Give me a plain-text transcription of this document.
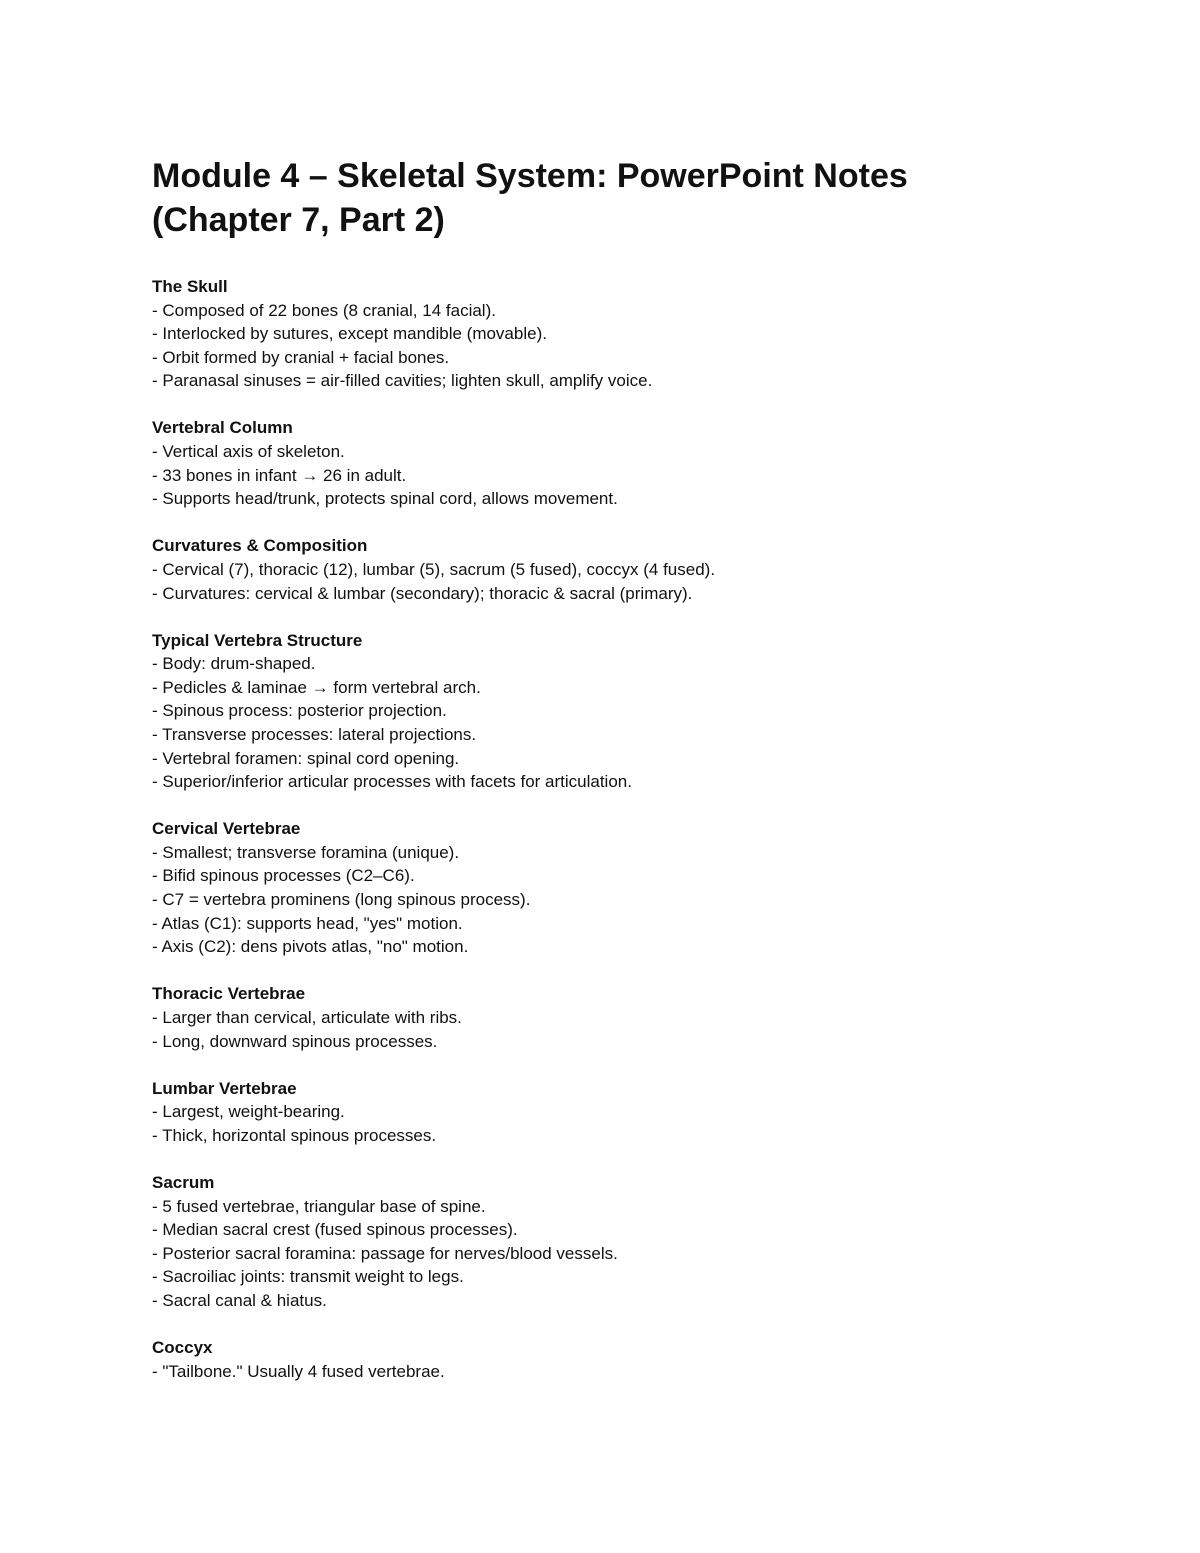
Module 4 – Skeletal System: PowerPoint Notes
(Chapter 7, Part 2)
The Skull
- Composed of 22 bones (8 cranial, 14 facial).
- Interlocked by sutures, except mandible (movable).
- Orbit formed by cranial + facial bones.
- Paranasal sinuses = air-filled cavities; lighten skull, amplify voice.
Vertebral Column
- Vertical axis of skeleton.
- 33 bones in infant → 26 in adult.
- Supports head/trunk, protects spinal cord, allows movement.
Curvatures & Composition
- Cervical (7), thoracic (12), lumbar (5), sacrum (5 fused), coccyx (4 fused).
- Curvatures: cervical & lumbar (secondary); thoracic & sacral (primary).
Typical Vertebra Structure
- Body: drum-shaped.
- Pedicles & laminae → form vertebral arch.
- Spinous process: posterior projection.
- Transverse processes: lateral projections.
- Vertebral foramen: spinal cord opening.
- Superior/inferior articular processes with facets for articulation.
Cervical Vertebrae
- Smallest; transverse foramina (unique).
- Bifid spinous processes (C2–C6).
- C7 = vertebra prominens (long spinous process).
- Atlas (C1): supports head, "yes" motion.
- Axis (C2): dens pivots atlas, "no" motion.
Thoracic Vertebrae
- Larger than cervical, articulate with ribs.
- Long, downward spinous processes.
Lumbar Vertebrae
- Largest, weight-bearing.
- Thick, horizontal spinous processes.
Sacrum
- 5 fused vertebrae, triangular base of spine.
- Median sacral crest (fused spinous processes).
- Posterior sacral foramina: passage for nerves/blood vessels.
- Sacroiliac joints: transmit weight to legs.
- Sacral canal & hiatus.
Coccyx
- "Tailbone." Usually 4 fused vertebrae.
